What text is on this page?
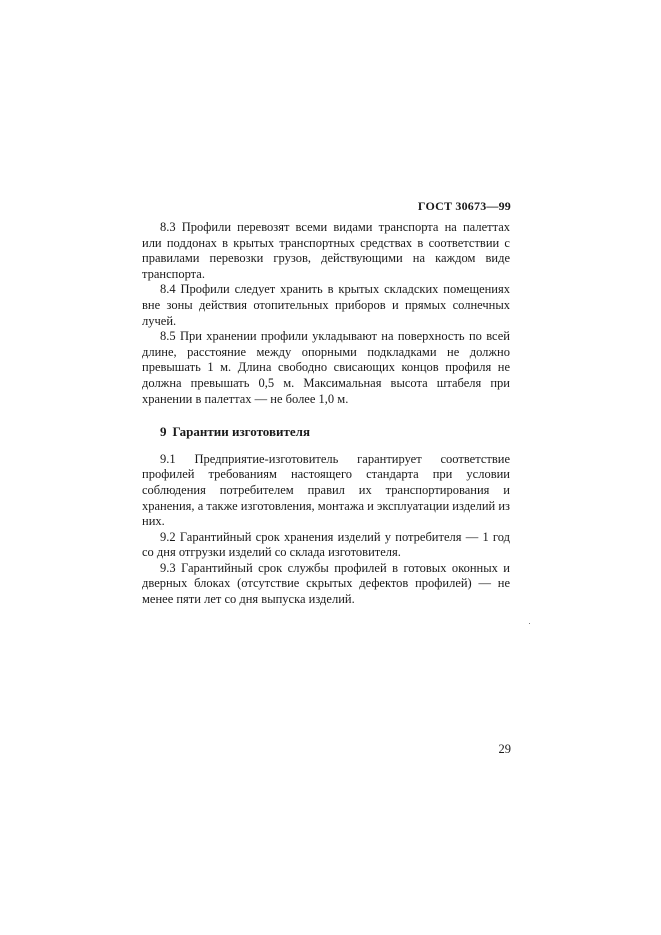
ГОСТ 30673—99

8.3 Профили перевозят всеми видами транспорта на палеттах или поддонах в крытых транспортных средствах в соответствии с правилами перевозки грузов, действующими на каждом виде транспорта.

8.4 Профили следует хранить в крытых складских помещениях вне зоны действия отопительных приборов и прямых солнечных лучей.

8.5 При хранении профили укладывают на поверхность по всей длине, расстояние между опорными подкладками не должно превышать 1 м. Длина свободно свисающих концов профиля не должна превышать 0,5 м. Максимальная высота штабеля при хранении в палеттах — не более 1,0 м.

9 Гарантии изготовителя

9.1 Предприятие-изготовитель гарантирует соответствие профилей требованиям настоящего стандарта при условии соблюдения потребителем правил их транспортирования и хранения, а также изготовления, монтажа и эксплуатации изделий из них.

9.2 Гарантийный срок хранения изделий у потребителя — 1 год со дня отгрузки изделий со склада изготовителя.

9.3 Гарантийный срок службы профилей в готовых оконных и дверных блоках (отсутствие скрытых дефектов профилей) — не менее пяти лет со дня выпуска изделий.

29
